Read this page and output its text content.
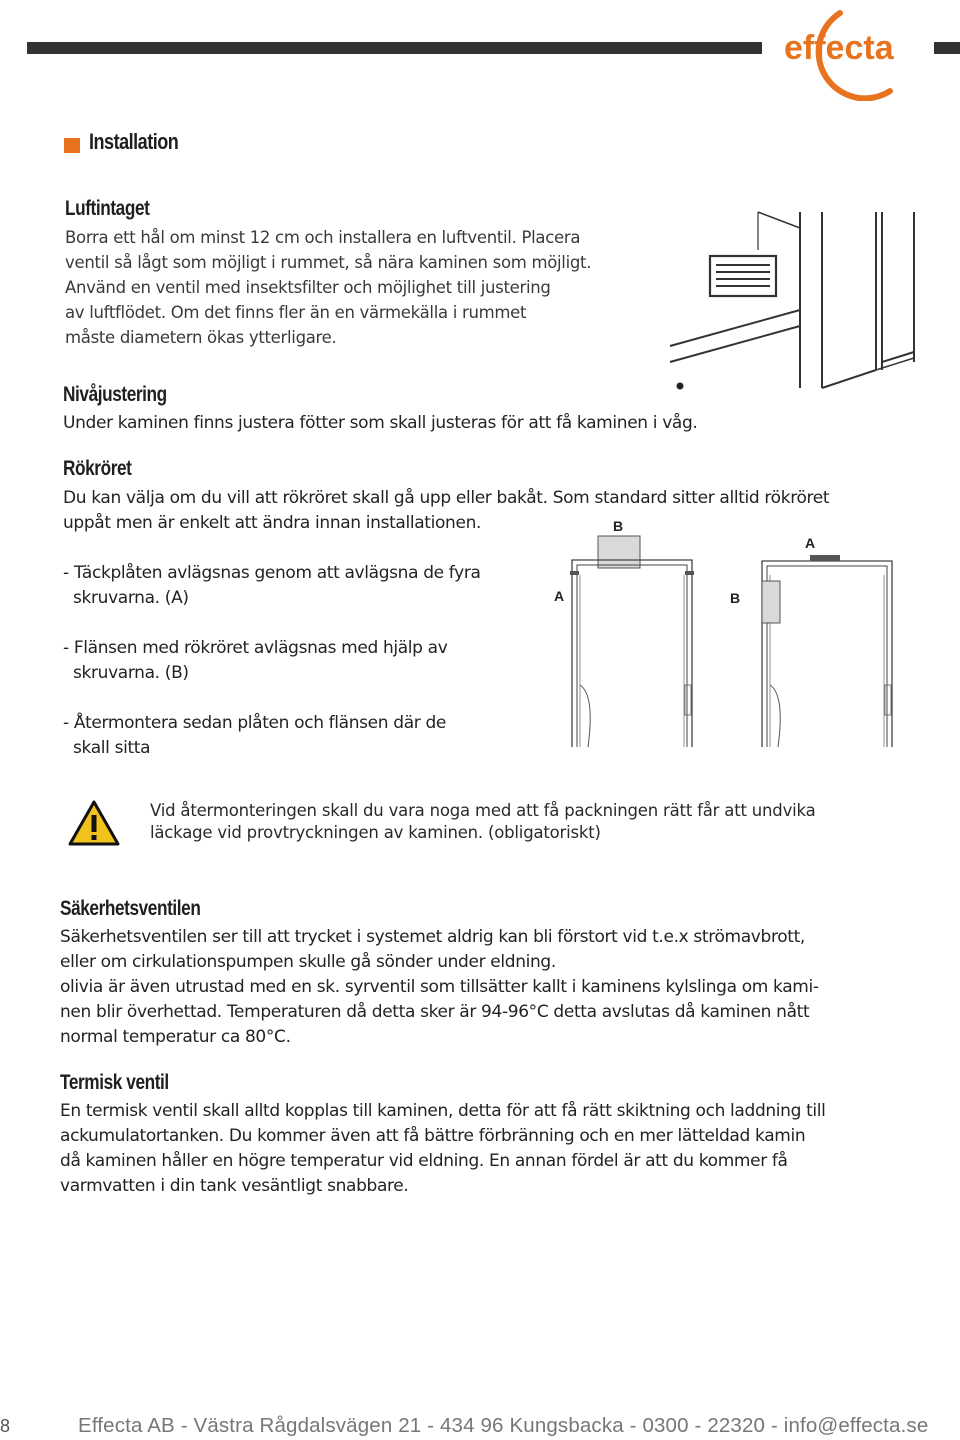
effecta
Installation
Luftintaget
Borra ett hål om minst 12 cm och installera en luftventil. Placera
ventil så lågt som möjligt i rummet, så nära kaminen som möjligt.
Använd en ventil med insektsfilter och möjlighet till justering
av luftflödet. Om det finns fler än en värmekälla i rummet
måste diametern ökas ytterligare.
Nivåjustering
Under kaminen finns justera fötter som skall justeras för att få kaminen i våg.
Rökröret
Du kan välja om du vill att rökröret skall gå upp eller bakåt. Som standard sitter alltid rökröret
uppåt men är enkelt att ändra innan installationen.
- Täckplåten avlägsnas genom att avlägsna de fyra
skruvarna. (A)
- Flänsen med rökröret avlägsnas med hjälp av
skruvarna. (B)
- Återmontera sedan plåten och flänsen där de
skall sitta
B
A
A
B
Vid återmonteringen skall du vara noga med att få packningen rätt får att undvika
läckage vid provtryckningen av kaminen. (obligatoriskt)
Säkerhetsventilen
Säkerhetsventilen ser till att trycket i systemet aldrig kan bli förstort vid t.e.x strömavbrott,
eller om cirkulationspumpen skulle gå sönder under eldning.
olivia är även utrustad med en sk. syrventil som tillsätter kallt i kaminens kylslinga om kami-
nen blir överhettad. Temperaturen då detta sker är 94-96°C detta avslutas då kaminen nått
normal temperatur ca 80°C.
Termisk ventil
En termisk ventil skall alltd kopplas till kaminen, detta för att få rätt skiktning och laddning till
ackumulatortanken. Du kommer även att få bättre förbränning och en mer lätteldad kamin
då kaminen håller en högre temperatur vid eldning. En annan fördel är att du kommer få
varmvatten i din tank vesäntligt snabbare.
8	Effecta AB - Västra Rågdalsvägen 21 - 434 96 Kungsbacka - 0300 - 22320 - info@effecta.se
